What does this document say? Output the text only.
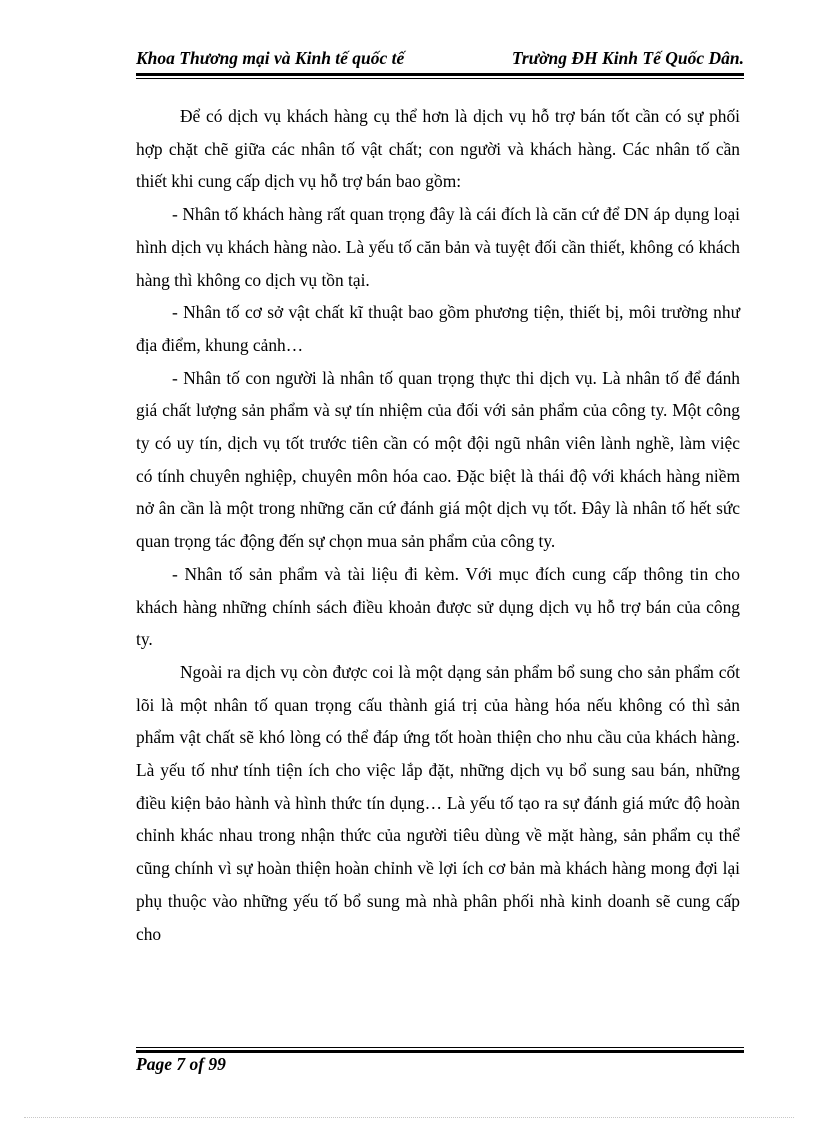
Khoa Thương mại và Kinh tế quốc tế	Trường ĐH Kinh Tế Quốc Dân.

Để có dịch vụ khách hàng cụ thể hơn là dịch vụ hỗ trợ bán tốt cần có sự phối hợp chặt chẽ giữa các nhân tố vật chất; con người và khách hàng. Các nhân tố cần thiết khi cung cấp dịch vụ hỗ trợ bán bao gồm:

- Nhân tố khách hàng rất quan trọng đây là cái đích là căn cứ để DN áp dụng loại hình dịch vụ khách hàng nào. Là yếu tố căn bản và tuyệt đối cần thiết, không có khách hàng thì không co dịch vụ tồn tại.

- Nhân tố cơ sở vật chất kĩ thuật bao gồm phương tiện, thiết bị, môi trường như địa điểm, khung cảnh…

- Nhân tố con người là nhân tố quan trọng thực thi dịch vụ. Là nhân tố để đánh giá chất lượng sản phẩm và sự tín nhiệm của đối với sản phẩm của công ty. Một công ty có uy tín, dịch vụ tốt trước tiên cần có một đội ngũ nhân viên lành nghề, làm việc có tính chuyên nghiệp, chuyên môn hóa cao. Đặc biệt là thái độ với khách hàng niềm nở ân cần là một trong những căn cứ đánh giá một dịch vụ tốt. Đây là nhân tố hết sức quan trọng tác động đến sự chọn mua sản phẩm của công ty.

- Nhân tố sản phẩm và tài liệu đi kèm. Với mục đích cung cấp thông tin cho khách hàng những chính sách điều khoản được sử dụng dịch vụ hỗ trợ bán của công ty.

Ngoài ra dịch vụ còn được coi là một dạng sản phẩm bổ sung cho sản phẩm cốt lõi là một nhân tố quan trọng cấu thành giá trị của hàng hóa nếu không có thì sản phẩm vật chất sẽ khó lòng có thể đáp ứng tốt hoàn thiện cho nhu cầu của khách hàng. Là yếu tố như tính tiện ích cho việc lắp đặt, những dịch vụ bổ sung sau bán, những điều kiện bảo hành và hình thức tín dụng… Là yếu tố tạo ra sự đánh giá mức độ hoàn chỉnh khác nhau trong nhận thức của người tiêu dùng về mặt hàng, sản phẩm cụ thể cũng chính vì sự hoàn thiện hoàn chỉnh về lợi ích cơ bản mà khách hàng mong đợi lại phụ thuộc vào những yếu tố bổ sung mà nhà phân phối nhà kinh doanh sẽ cung cấp cho

Page 7 of 99
